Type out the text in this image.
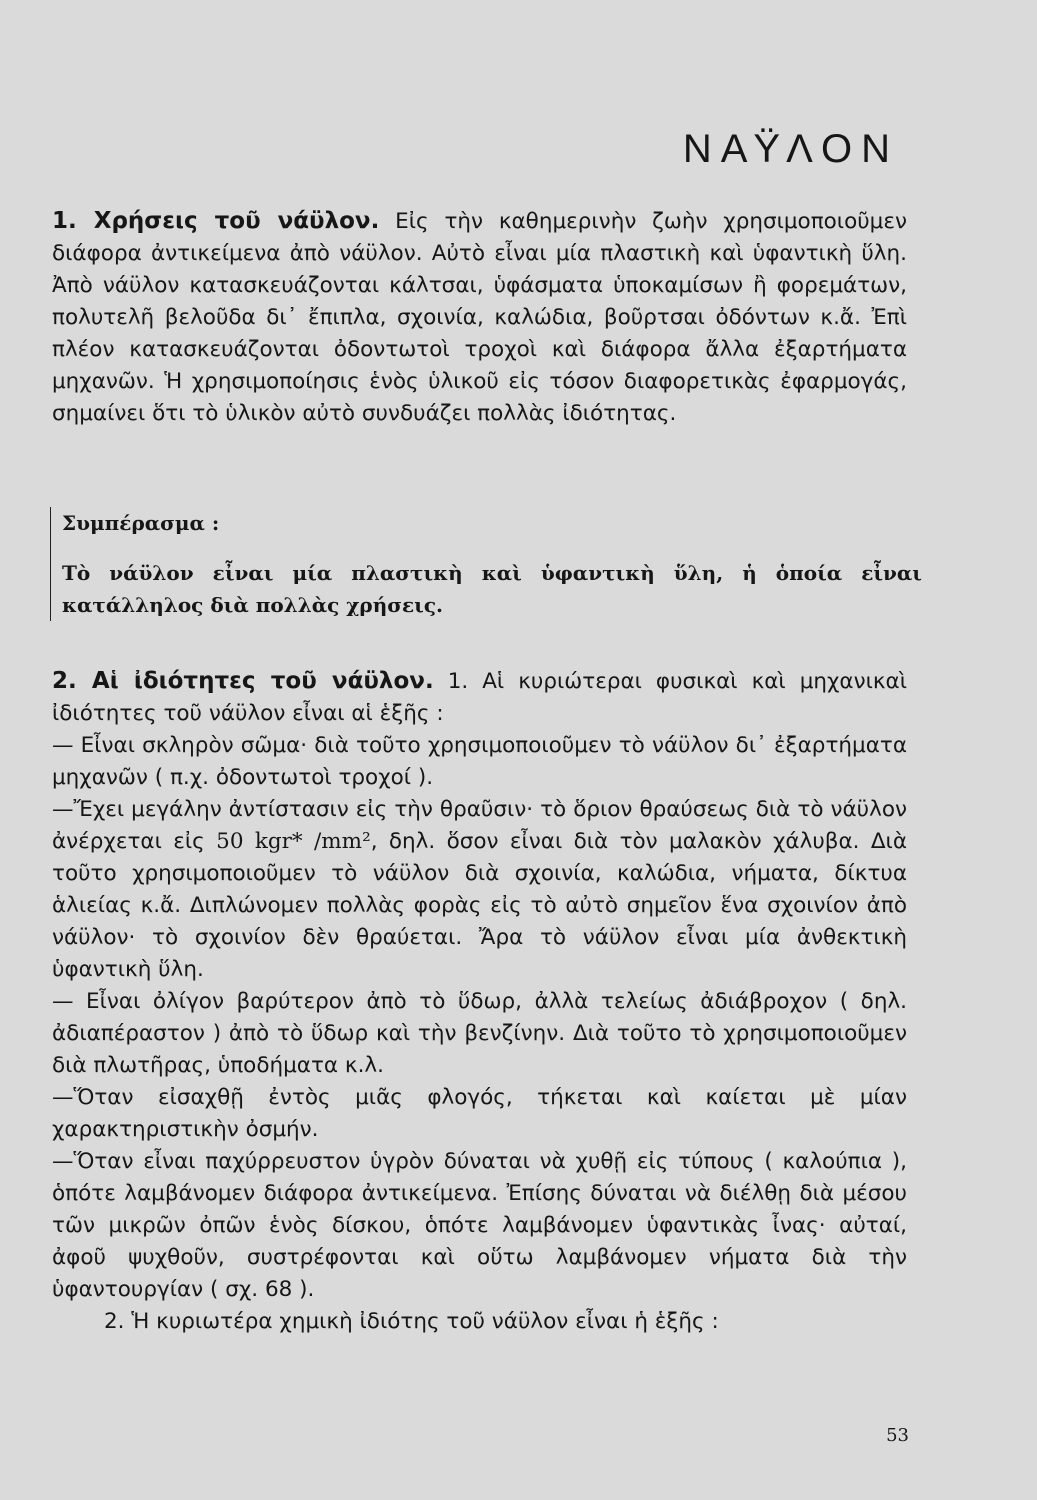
ΝΑΫΛΟΝ

1. Χρήσεις τοῦ νάϋλον. Εἰς τὴν καθημερινὴν ζωὴν χρησιμοποιοῦμεν διάφορα ἀντικείμενα ἀπὸ νάϋλον. Αὐτὸ εἶναι μία πλαστικὴ καὶ ὑφαντικὴ ὕλη. Ἀπὸ νάϋλον κατασκευάζονται κάλτσαι, ὑφάσματα ὑποκαμίσων ἢ φορεμάτων, πολυτελῆ βελοῦδα δι᾽ ἔπιπλα, σχοινία, καλώδια, βοῦρτσαι ὀδόντων κ.ἄ. Ἐπὶ πλέον κατασκευάζονται ὀδοντωτοὶ τροχοὶ καὶ διάφορα ἄλλα ἐξαρτήματα μηχανῶν. Ἡ χρησιμοποίησις ἑνὸς ὑλικοῦ εἰς τόσον διαφορετικὰς ἐφαρμογάς, σημαίνει ὅτι τὸ ὑλικὸν αὐτὸ συνδυάζει πολλὰς ἰδιότητας.

Συμπέρασμα :

Τὸ νάϋλον εἶναι μία πλαστικὴ καὶ ὑφαντικὴ ὕλη, ἡ ὁποία εἶναι κατάλληλος διὰ πολλὰς χρήσεις.

2. Αἱ ἰδιότητες τοῦ νάϋλον. 1. Αἱ κυριώτεραι φυσικαὶ καὶ μηχανικαὶ ἰδιότητες τοῦ νάϋλον εἶναι αἱ ἑξῆς :

— Εἶναι σκληρὸν σῶμα· διὰ τοῦτο χρησιμοποιοῦμεν τὸ νάϋλον δι᾽ ἐξαρτήματα μηχανῶν ( π.χ. ὀδοντωτοὶ τροχοί ).

—Ἔχει μεγάλην ἀντίστασιν εἰς τὴν θραῦσιν· τὸ ὅριον θραύσεως διὰ τὸ νάϋλον ἀνέρχεται εἰς 50 kgr* /mm², δηλ. ὅσον εἶναι διὰ τὸν μαλακὸν χάλυβα. Διὰ τοῦτο χρησιμοποιοῦμεν τὸ νάϋλον διὰ σχοινία, καλώδια, νήματα, δίκτυα ἁλιείας κ.ἄ. Διπλώνομεν πολλὰς φορὰς εἰς τὸ αὐτὸ σημεῖον ἕνα σχοινίον ἀπὸ νάϋλον· τὸ σχοινίον δὲν θραύεται. Ἄρα τὸ νάϋλον εἶναι μία ἀνθεκτικὴ ὑφαντικὴ ὕλη.

— Εἶναι ὀλίγον βαρύτερον ἀπὸ τὸ ὕδωρ, ἀλλὰ τελείως ἀδιάβροχον ( δηλ. ἀδιαπέραστον ) ἀπὸ τὸ ὕδωρ καὶ τὴν βενζίνην. Διὰ τοῦτο τὸ χρησιμοποιοῦμεν διὰ πλωτῆρας, ὑποδήματα κ.λ.

—Ὅταν εἰσαχθῇ ἐντὸς μιᾶς φλογός, τήκεται καὶ καίεται μὲ μίαν χαρακτηριστικὴν ὀσμήν.

—Ὅταν εἶναι παχύρρευστον ὑγρὸν δύναται νὰ χυθῇ εἰς τύπους ( καλούπια ), ὁπότε λαμβάνομεν διάφορα ἀντικείμενα. Ἐπίσης δύναται νὰ διέλθῃ διὰ μέσου τῶν μικρῶν ὀπῶν ἑνὸς δίσκου, ὁπότε λαμβάνομεν ὑφαντικὰς ἶνας· αὐταί, ἀφοῦ ψυχθοῦν, συστρέφονται καὶ οὕτω λαμβάνομεν νήματα διὰ τὴν ὑφαντουργίαν ( σχ. 68 ).

2. Ἡ κυριωτέρα χημικὴ ἰδιότης τοῦ νάϋλον εἶναι ἡ ἑξῆς :

53
